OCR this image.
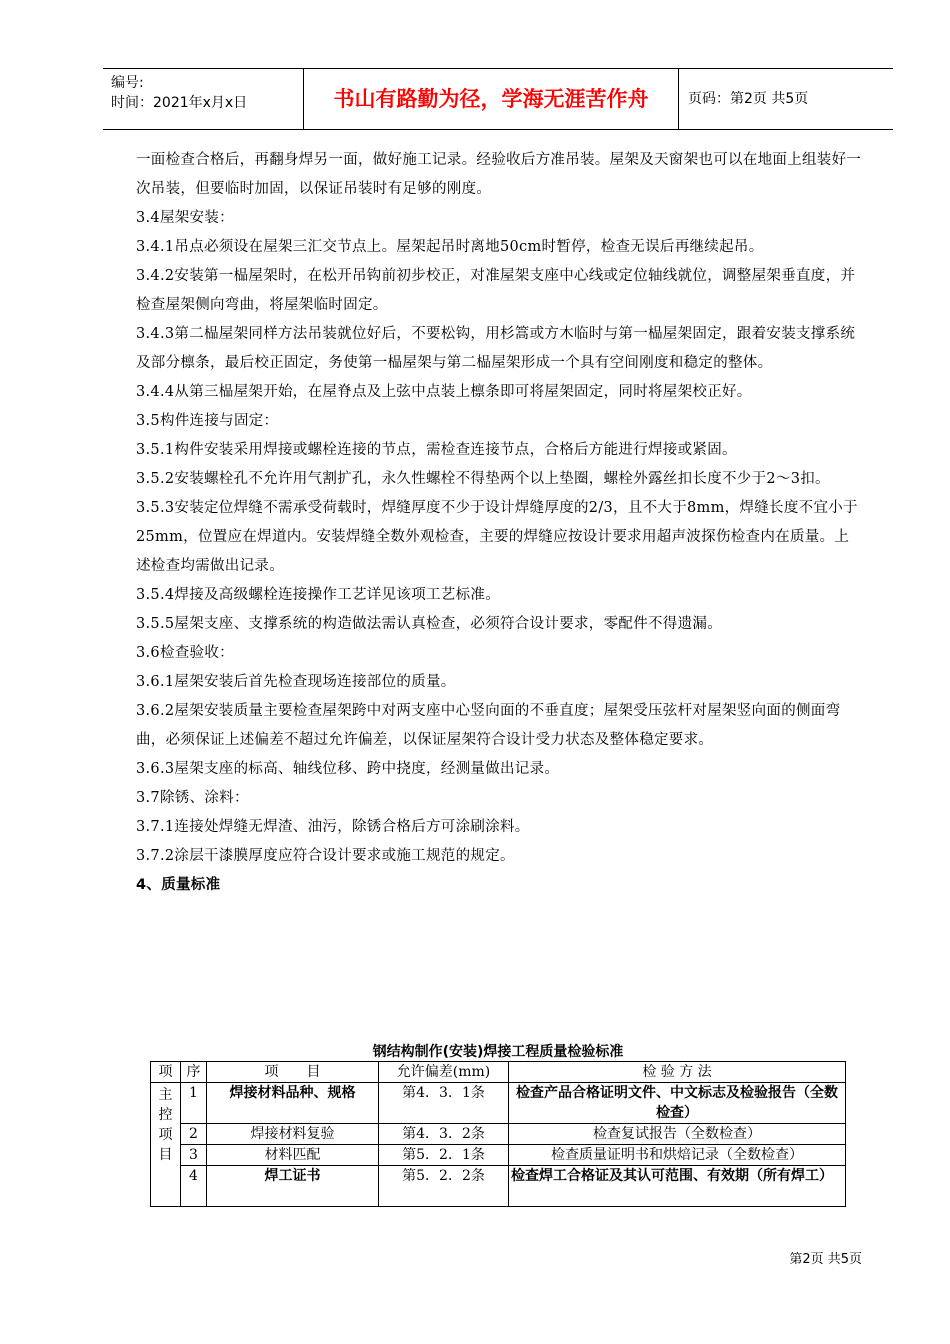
编号:
时间：2021年x月x日	书山有路勤为径，学海无涯苦作舟	页码：第2页 共5页

一面检查合格后，再翻身焊另一面，做好施工记录。经验收后方准吊装。屋架及天窗架也可以在地面上组装好一次吊装，但要临时加固，以保证吊装时有足够的刚度。

3.4屋架安装：

3.4.1吊点必须设在屋架三汇交节点上。屋架起吊时离地50cm时暂停，检查无误后再继续起吊。

3.4.2安装第一榀屋架时，在松开吊钩前初步校正，对准屋架支座中心线或定位轴线就位，调整屋架垂直度，并检查屋架侧向弯曲，将屋架临时固定。

3.4.3第二榀屋架同样方法吊装就位好后，不要松钩，用杉篙或方木临时与第一榀屋架固定，跟着安装支撑系统及部分檩条，最后校正固定，务使第一榀屋架与第二榀屋架形成一个具有空间刚度和稳定的整体。

3.4.4从第三榀屋架开始，在屋脊点及上弦中点装上檩条即可将屋架固定，同时将屋架校正好。

3.5构件连接与固定：

3.5.1构件安装采用焊接或螺栓连接的节点，需检查连接节点，合格后方能进行焊接或紧固。

3.5.2安装螺栓孔不允许用气割扩孔，永久性螺栓不得垫两个以上垫圈，螺栓外露丝扣长度不少于2～3扣。

3.5.3安装定位焊缝不需承受荷载时，焊缝厚度不少于设计焊缝厚度的2/3，且不大于8mm，焊缝长度不宜小于25mm，位置应在焊道内。安装焊缝全数外观检查，主要的焊缝应按设计要求用超声波探伤检查内在质量。上述检查均需做出记录。

3.5.4焊接及高级螺栓连接操作工艺详见该项工艺标准。

3.5.5屋架支座、支撑系统的构造做法需认真检查，必须符合设计要求，零配件不得遗漏。

3.6检查验收：

3.6.1屋架安装后首先检查现场连接部位的质量。

3.6.2屋架安装质量主要检查屋架跨中对两支座中心竖向面的不垂直度；屋架受压弦杆对屋架竖向面的侧面弯曲，必须保证上述偏差不超过允许偏差，以保证屋架符合设计受力状态及整体稳定要求。

3.6.3屋架支座的标高、轴线位移、跨中挠度，经测量做出记录。

3.7除锈、涂料：

3.7.1连接处焊缝无焊渣、油污，除锈合格后方可涂刷涂料。

3.7.2涂层干漆膜厚度应符合设计要求或施工规范的规定。

4、质量标准

钢结构制作(安装)焊接工程质量检验标准
项	序	项　　目	允许偏差(mm)	检 验 方 法
主控项目	1	焊接材料品种、规格	第4．3．1条	检查产品合格证明文件、中文标志及检验报告（全数检查）
	2	焊接材料复验	第4．3．2条	检查复试报告（全数检查）
	3	材料匹配	第5．2．1条	检查质量证明书和烘焙记录（全数检查）
	4	焊工证书	第5．2．2条	检查焊工合格证及其认可范围、有效期（所有焊工）
第2页 共5页
